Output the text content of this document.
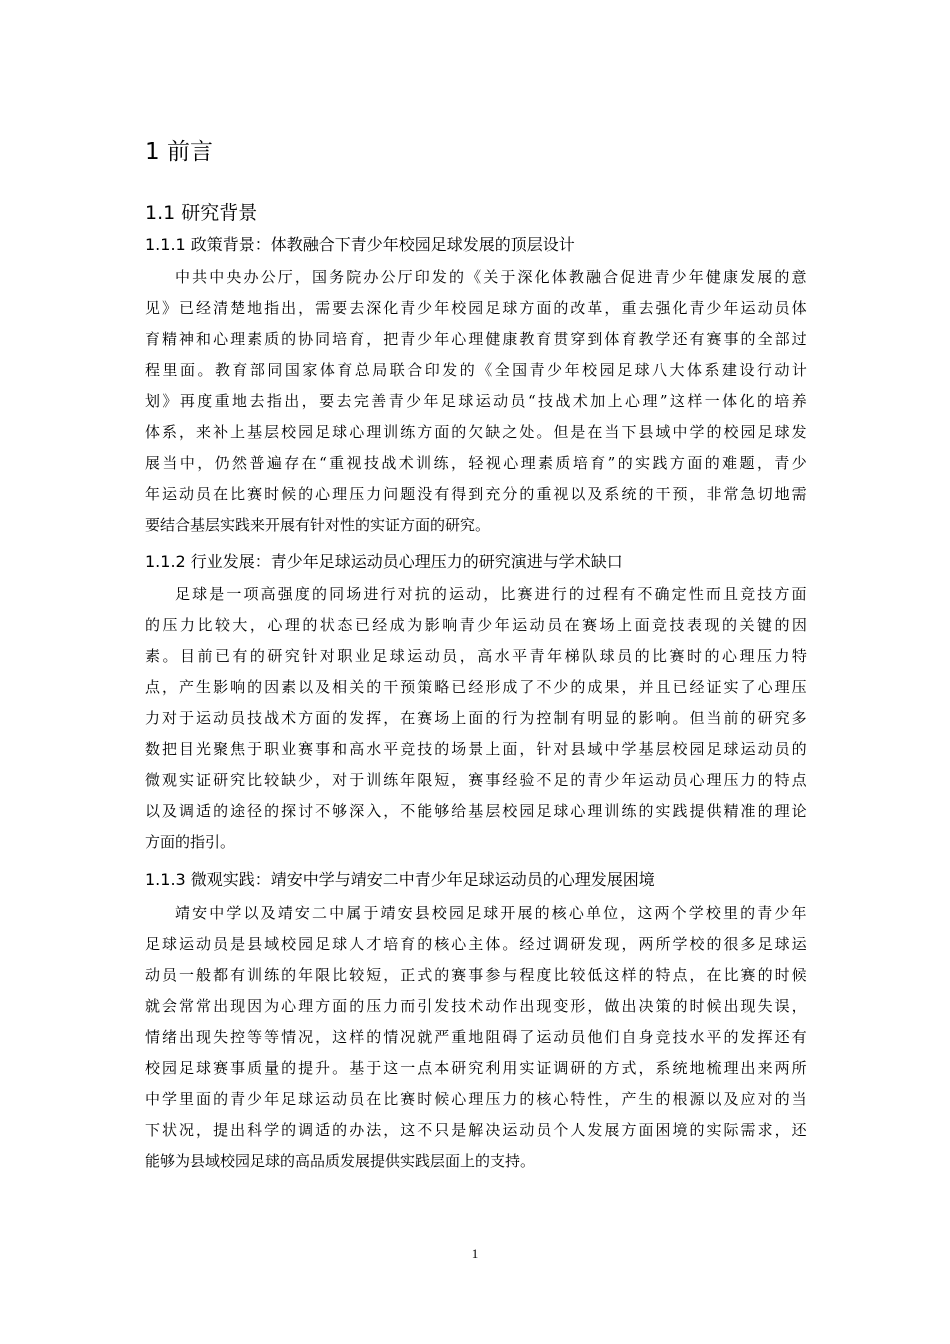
1 前言
1.1 研究背景
1.1.1 政策背景：体教融合下青少年校园足球发展的顶层设计
中 共 中 央 办 公 厅 ， 国 务 院 办 公 厅 印 发 的 《 关 于 深 化 体 教 融 合 促 进 青 少 年 健 康 发 展 的 意
见 》 已 经 清 楚 地 指 出 ， 需 要 去 深 化 青 少 年 校 园 足 球 方 面 的 改 革 ， 重 去 强 化 青 少 年 运 动 员 体
育 精 神 和 心 理 素 质 的 协 同 培 育 ， 把 青 少 年 心 理 健 康 教 育 贯 穿 到 体 育 教 学 还 有 赛 事 的 全 部 过
程 里 面 。 教 育 部 同 国 家 体 育 总 局 联 合 印 发 的 《 全 国 青 少 年 校 园 足 球 八 大 体 系 建 设 行 动 计
划 》 再 度 重 地 去 指 出 ， 要 去 完 善 青 少 年 足 球 运 动 员 “ 技 战 术 加 上 心 理 ” 这 样 一 体 化 的 培 养
体 系 ， 来 补 上 基 层 校 园 足 球 心 理 训 练 方 面 的 欠 缺 之 处 。 但 是 在 当 下 县 域 中 学 的 校 园 足 球 发
展 当 中 ， 仍 然 普 遍 存 在 “ 重 视 技 战 术 训 练 ， 轻 视 心 理 素 质 培 育 ” 的 实 践 方 面 的 难 题 ， 青 少
年 运 动 员 在 比 赛 时 候 的 心 理 压 力 问 题 没 有 得 到 充 分 的 重 视 以 及 系 统 的 干 预 ， 非 常 急 切 地 需
要结合基层实践来开展有针对性的实证方面的研究。
1.1.2 行业发展：青少年足球运动员心理压力的研究演进与学术缺口
足 球 是 一 项 高 强 度 的 同 场 进 行 对 抗 的 运 动 ， 比 赛 进 行 的 过 程 有 不 确 定 性 而 且 竞 技 方 面
的 压 力 比 较 大 ， 心 理 的 状 态 已 经 成 为 影 响 青 少 年 运 动 员 在 赛 场 上 面 竞 技 表 现 的 关 键 的 因
素 。 目 前 已 有 的 研 究 针 对 职 业 足 球 运 动 员 ， 高 水 平 青 年 梯 队 球 员 的 比 赛 时 的 心 理 压 力 特
点 ， 产 生 影 响 的 因 素 以 及 相 关 的 干 预 策 略 已 经 形 成 了 不 少 的 成 果 ， 并 且 已 经 证 实 了 心 理 压
力 对 于 运 动 员 技 战 术 方 面 的 发 挥 ， 在 赛 场 上 面 的 行 为 控 制 有 明 显 的 影 响 。 但 当 前 的 研 究 多
数 把 目 光 聚 焦 于 职 业 赛 事 和 高 水 平 竞 技 的 场 景 上 面 ， 针 对 县 域 中 学 基 层 校 园 足 球 运 动 员 的
微 观 实 证 研 究 比 较 缺 少 ， 对 于 训 练 年 限 短 ， 赛 事 经 验 不 足 的 青 少 年 运 动 员 心 理 压 力 的 特 点
以 及 调 适 的 途 径 的 探 讨 不 够 深 入 ， 不 能 够 给 基 层 校 园 足 球 心 理 训 练 的 实 践 提 供 精 准 的 理 论
方面的指引。
1.1.3 微观实践：靖安中学与靖安二中青少年足球运动员的心理发展困境
靖 安 中 学 以 及 靖 安 二 中 属 于 靖 安 县 校 园 足 球 开 展 的 核 心 单 位 ， 这 两 个 学 校 里 的 青 少 年
足 球 运 动 员 是 县 域 校 园 足 球 人 才 培 育 的 核 心 主 体 。 经 过 调 研 发 现 ， 两 所 学 校 的 很 多 足 球 运
动 员 一 般 都 有 训 练 的 年 限 比 较 短 ， 正 式 的 赛 事 参 与 程 度 比 较 低 这 样 的 特 点 ， 在 比 赛 的 时 候
就 会 常 常 出 现 因 为 心 理 方 面 的 压 力 而 引 发 技 术 动 作 出 现 变 形 ， 做 出 决 策 的 时 候 出 现 失 误 ，
情 绪 出 现 失 控 等 等 情 况 ， 这 样 的 情 况 就 严 重 地 阻 碍 了 运 动 员 他 们 自 身 竞 技 水 平 的 发 挥 还 有
校 园 足 球 赛 事 质 量 的 提 升 。 基 于 这 一 点 本 研 究 利 用 实 证 调 研 的 方 式 ， 系 统 地 梳 理 出 来 两 所
中 学 里 面 的 青 少 年 足 球 运 动 员 在 比 赛 时 候 心 理 压 力 的 核 心 特 性 ， 产 生 的 根 源 以 及 应 对 的 当
下 状 况 ， 提 出 科 学 的 调 适 的 办 法 ， 这 不 只 是 解 决 运 动 员 个 人 发 展 方 面 困 境 的 实 际 需 求 ， 还
能够为县域校园足球的高品质发展提供实践层面上的支持。
1
